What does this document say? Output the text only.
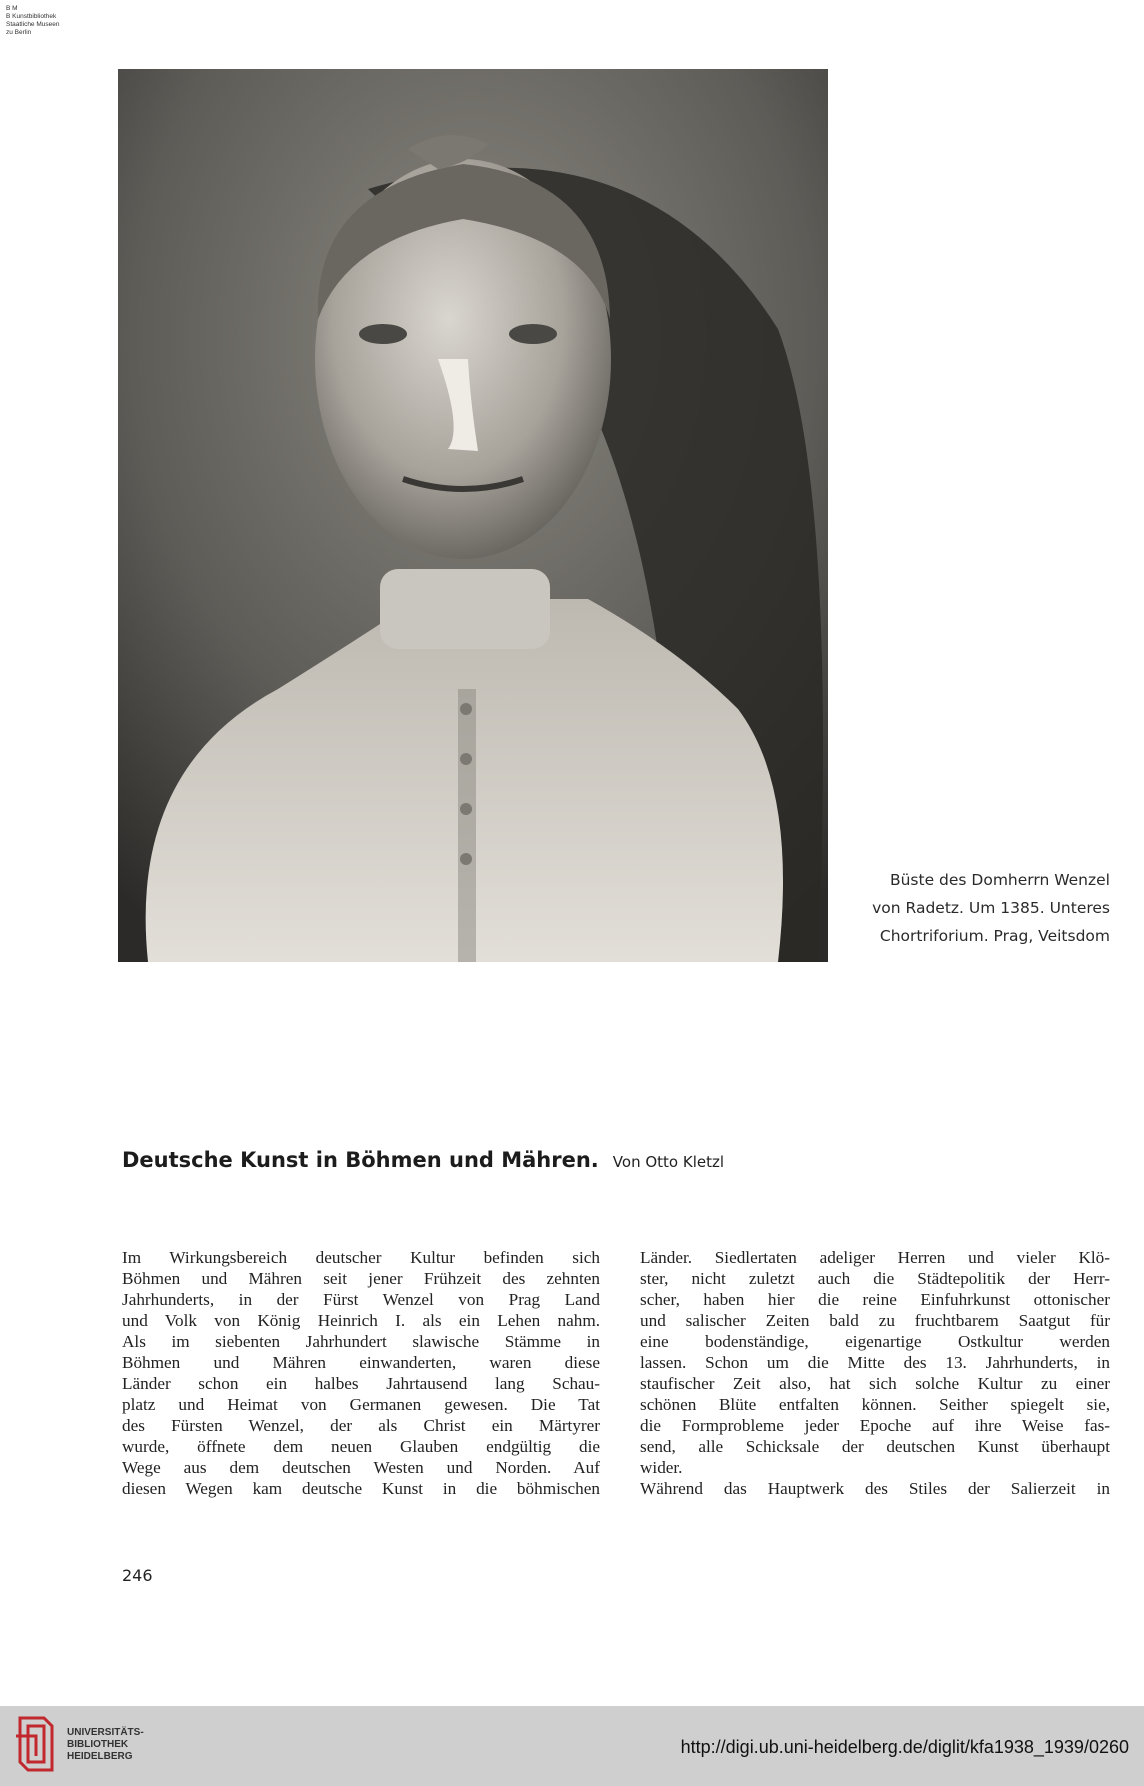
B M
B Kunstbibliothek
Staatliche Museen
zu Berlin
Büste des Domherrn Wenzel
von Radetz. Um 1385. Unteres
Chortriforium. Prag, Veitsdom
Deutsche Kunst in Böhmen und Mähren. Von Otto Kletzl
Im Wirkungsbereich deutscher Kultur befinden sich
Böhmen und Mähren seit jener Frühzeit des zehnten
Jahrhunderts, in der Fürst Wenzel von Prag Land
und Volk von König Heinrich I. als ein Lehen nahm.
Als im siebenten Jahrhundert slawische Stämme in
Böhmen und Mähren einwanderten, waren diese
Länder schon ein halbes Jahrtausend lang Schau-
platz und Heimat von Germanen gewesen. Die Tat
des Fürsten Wenzel, der als Christ ein Märtyrer
wurde, öffnete dem neuen Glauben endgültig die
Wege aus dem deutschen Westen und Norden. Auf
diesen Wegen kam deutsche Kunst in die böhmischen
Länder. Siedlertaten adeliger Herren und vieler Klö-
ster, nicht zuletzt auch die Städtepolitik der Herr-
scher, haben hier die reine Einfuhrkunst ottonischer
und salischer Zeiten bald zu fruchtbarem Saatgut für
eine bodenständige, eigenartige Ostkultur werden
lassen. Schon um die Mitte des 13. Jahrhunderts, in
staufischer Zeit also, hat sich solche Kultur zu einer
schönen Blüte entfalten können. Seither spiegelt sie,
die Formprobleme jeder Epoche auf ihre Weise fas-
send, alle Schicksale der deutschen Kunst überhaupt
wider.
Während das Hauptwerk des Stiles der Salierzeit in
246
UNIVERSITÄTS-
BIBLIOTHEK
HEIDELBERG	http://digi.ub.uni-heidelberg.de/diglit/kfa1938_1939/0260
